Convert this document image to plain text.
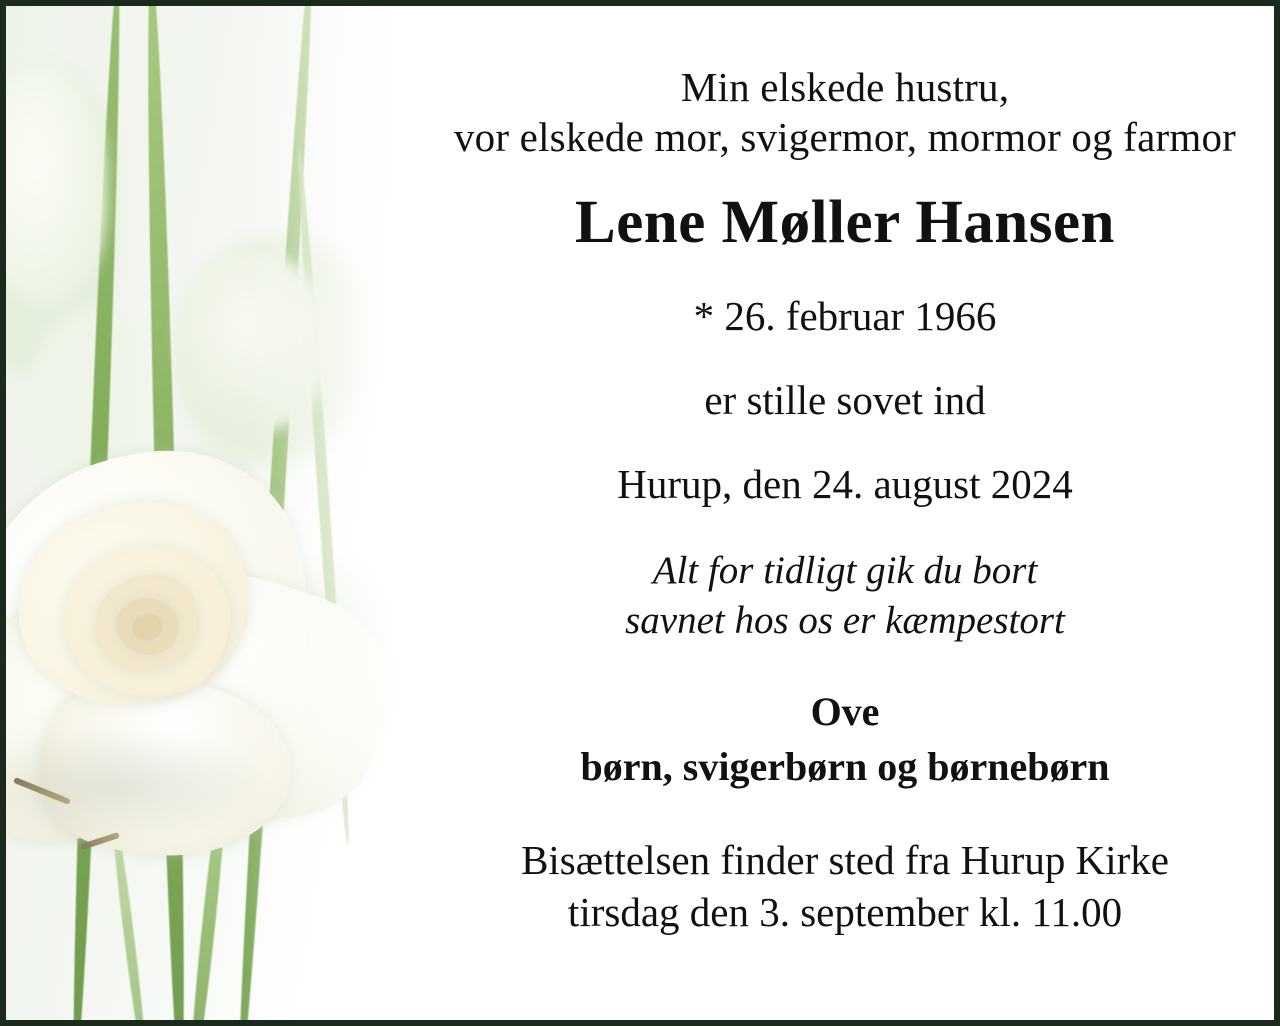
Min elskede hustru,
vor elskede mor, svigermor, mormor og farmor
Lene Møller Hansen
* 26. februar 1966
er stille sovet ind
Hurup, den 24. august 2024
Alt for tidligt gik du bort
savnet hos os er kæmpestort
Ove
børn, svigerbørn og børnebørn
Bisættelsen finder sted fra Hurup Kirke
tirsdag den 3. september kl. 11.00
